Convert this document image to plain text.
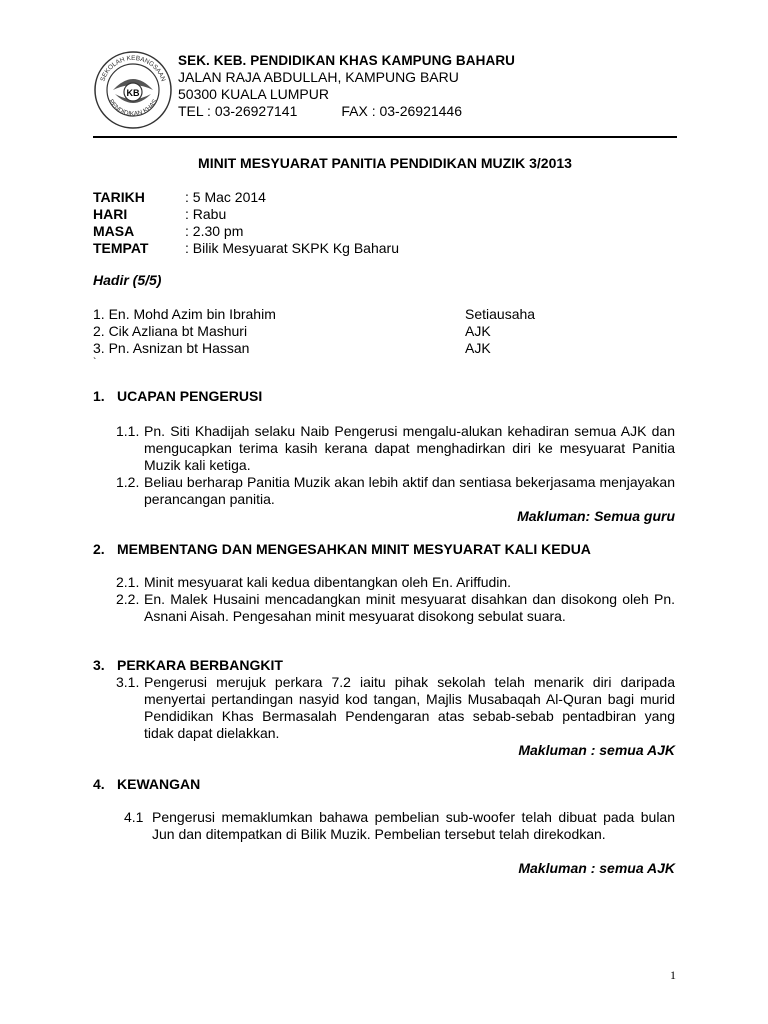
KB
SEKOLAH KEBANGSAAN
PENDIDIKAN KHAS
SEK. KEB. PENDIDIKAN KHAS KAMPUNG BAHARU
JALAN RAJA ABDULLAH, KAMPUNG BARU
50300 KUALA LUMPUR
TEL : 03-26927141	FAX : 03-26921446
MINIT MESYUARAT PANITIA PENDIDIKAN MUZIK 3/2013
TARIKH	: 5 Mac 2014
HARI	: Rabu
MASA	: 2.30 pm
TEMPAT	: Bilik Mesyuarat SKPK Kg Baharu
Hadir (5/5)
1. En. Mohd Azim bin Ibrahim	Setiausaha
2. Cik Azliana bt Mashuri	AJK
3. Pn. Asnizan bt Hassan	AJK
`
1. UCAPAN PENGERUSI
1.1. Pn. Siti Khadijah selaku Naib Pengerusi mengalu-alukan kehadiran semua AJK dan mengucapkan terima kasih kerana dapat menghadirkan diri ke mesyuarat Panitia Muzik kali ketiga.
1.2. Beliau berharap Panitia Muzik akan lebih aktif dan sentiasa bekerjasama menjayakan perancangan panitia.
Makluman: Semua guru
2. MEMBENTANG DAN MENGESAHKAN MINIT MESYUARAT KALI KEDUA
2.1. Minit mesyuarat kali kedua dibentangkan oleh En. Ariffudin.
2.2. En. Malek Husaini mencadangkan minit mesyuarat disahkan dan disokong oleh Pn. Asnani Aisah. Pengesahan minit mesyuarat disokong sebulat suara.
3. PERKARA BERBANGKIT
3.1. Pengerusi merujuk perkara 7.2 iaitu pihak sekolah telah menarik diri daripada menyertai pertandingan nasyid kod tangan, Majlis Musabaqah Al-Quran bagi murid Pendidikan Khas Bermasalah Pendengaran atas sebab-sebab pentadbiran yang tidak dapat dielakkan.
Makluman : semua AJK
4. KEWANGAN
4.1 Pengerusi memaklumkan bahawa pembelian sub-woofer telah dibuat pada bulan Jun dan ditempatkan di Bilik Muzik. Pembelian tersebut telah direkodkan.
Makluman : semua AJK
1
